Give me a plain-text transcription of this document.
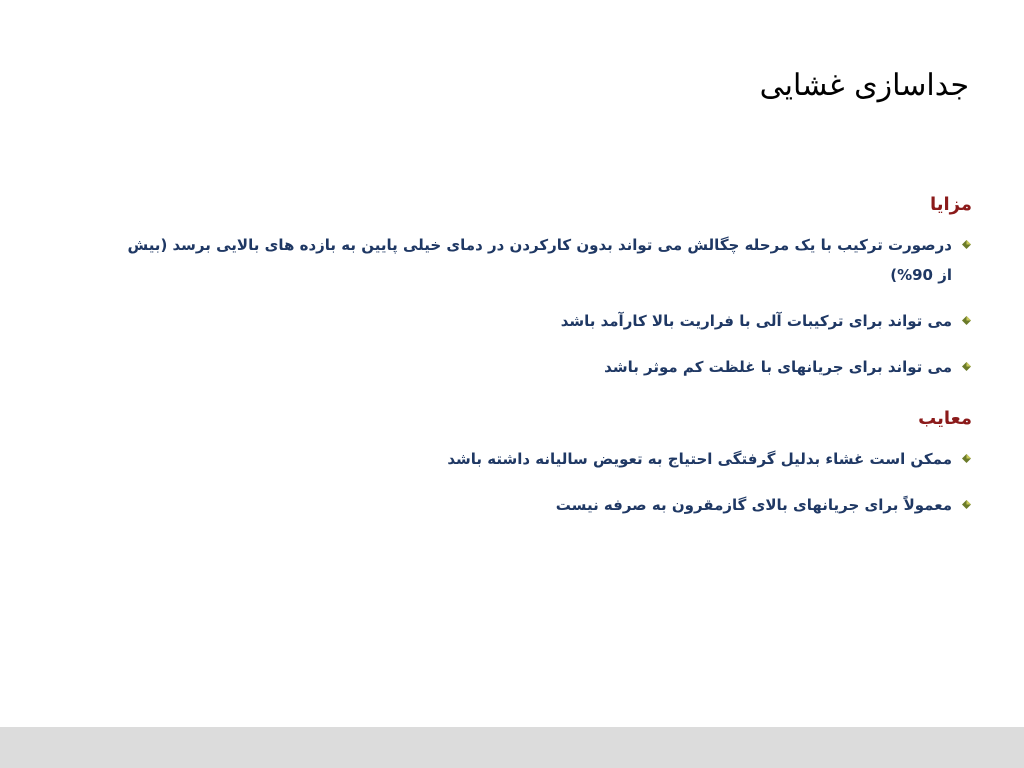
جداسازی غشایی
مزایا
درصورت ترکیب با یک مرحله چگالش می تواند بدون کارکردن در دمای خیلی پایین به بازده های بالایی برسد (بیش از 90%)
می تواند برای ترکیبات آلی با فراریت بالا کارآمد باشد
می تواند برای جریانهای با غلظت کم موثر باشد
معایب
ممکن است غشاء بدلیل گرفتگی احتیاج به تعویض سالیانه داشته باشد
معمولاً برای جریانهای بالای گازمقرون به صرفه نیست
